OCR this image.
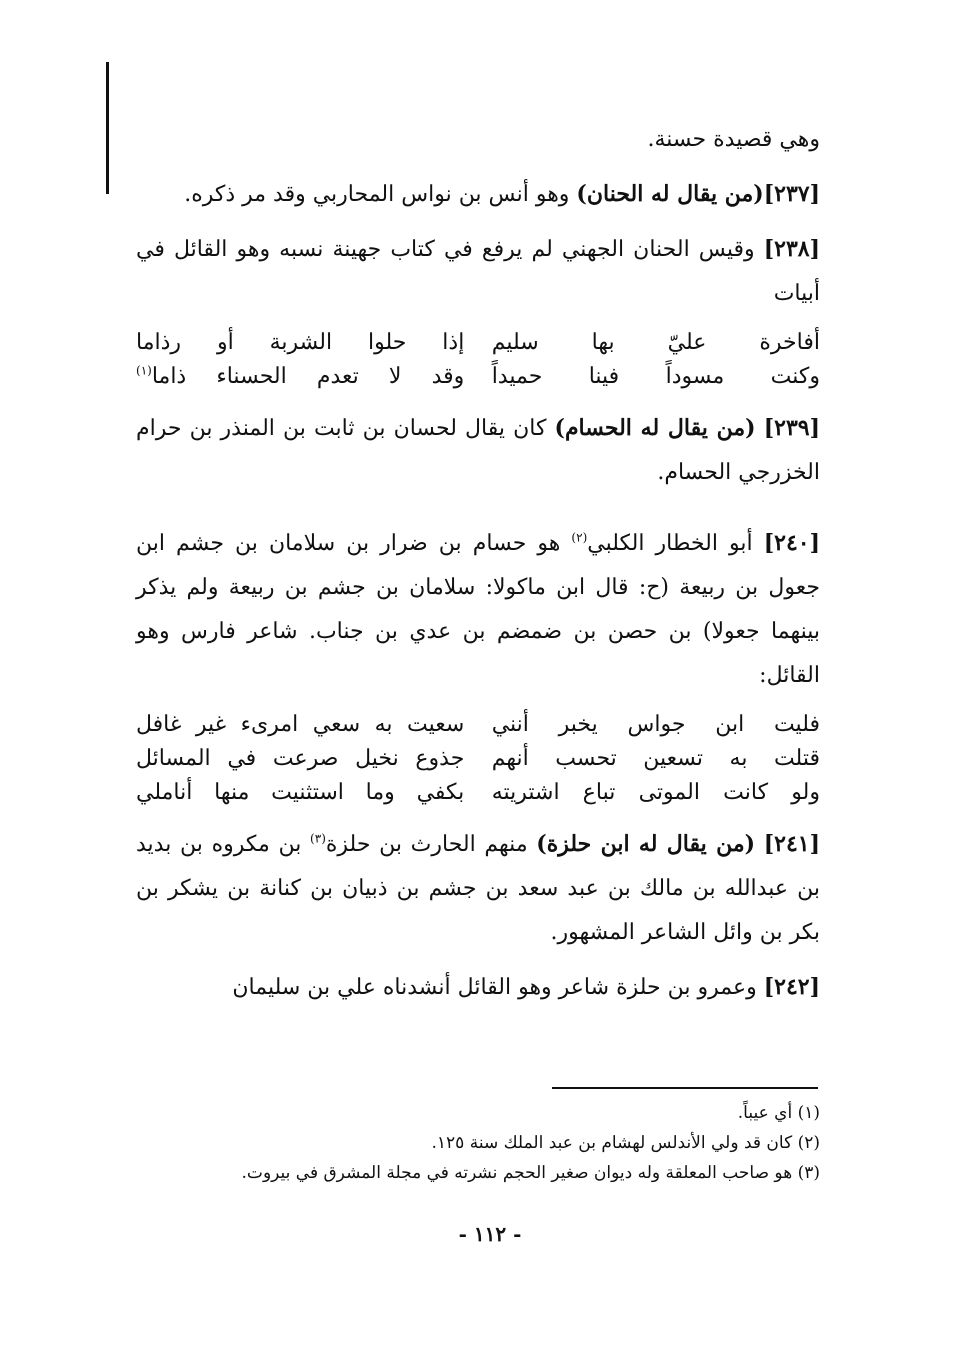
وهي قصيدة حسنة.

[٢٣٧](من يقال له الحنان) وهو أنس بن نواس المحاربي وقد مر ذكره.

[٢٣٨] وقيس الحنان الجهني لم يرفع في كتاب جهينة نسبه وهو القائل في أبيات

أفاخرة عليّ بها سليم
إذا حلوا الشربة أو رذاما
وكنت مسوداً فينا حميداً
وقد لا تعدم الحسناء ذاما$^{(١)}$

[٢٣٩] (من يقال له الحسام) كان يقال لحسان بن ثابت بن المنذر بن حرام الخزرجي الحسام.

[٢٤٠] أبو الخطار الكلبي$^{(٢)}$ هو حسام بن ضرار بن سلامان بن جشم ابن جعول بن ربيعة (ح: قال ابن ماكولا: سلامان بن جشم بن ربيعة ولم يذكر بينهما جعولا) بن حصن بن ضمضم بن عدي بن جناب. شاعر فارس وهو القائل:

فليت ابن جواس يخبر أنني
سعيت به سعي امرىء غير غافل
قتلت به تسعين تحسب أنهم
جذوع نخيل صرعت في المسائل
ولو كانت الموتى تباع اشتريته
بكفي وما استثنيت منها أناملي

[٢٤١] (من يقال له ابن حلزة) منهم الحارث بن حلزة$^{(٣)}$ بن مكروه بن بديد بن عبدالله بن مالك بن عبد سعد بن جشم بن ذبيان بن كنانة بن يشكر بن بكر بن وائل الشاعر المشهور.

[٢٤٢] وعمرو بن حلزة شاعر وهو القائل أنشدناه علي بن سليمان

(١) أي عيباً.

(٢) كان قد ولي الأندلس لهشام بن عبد الملك سنة ١٢٥.

(٣) هو صاحب المعلقة وله ديوان صغير الحجم نشرته في مجلة المشرق في بيروت.

- ١١٢ -
